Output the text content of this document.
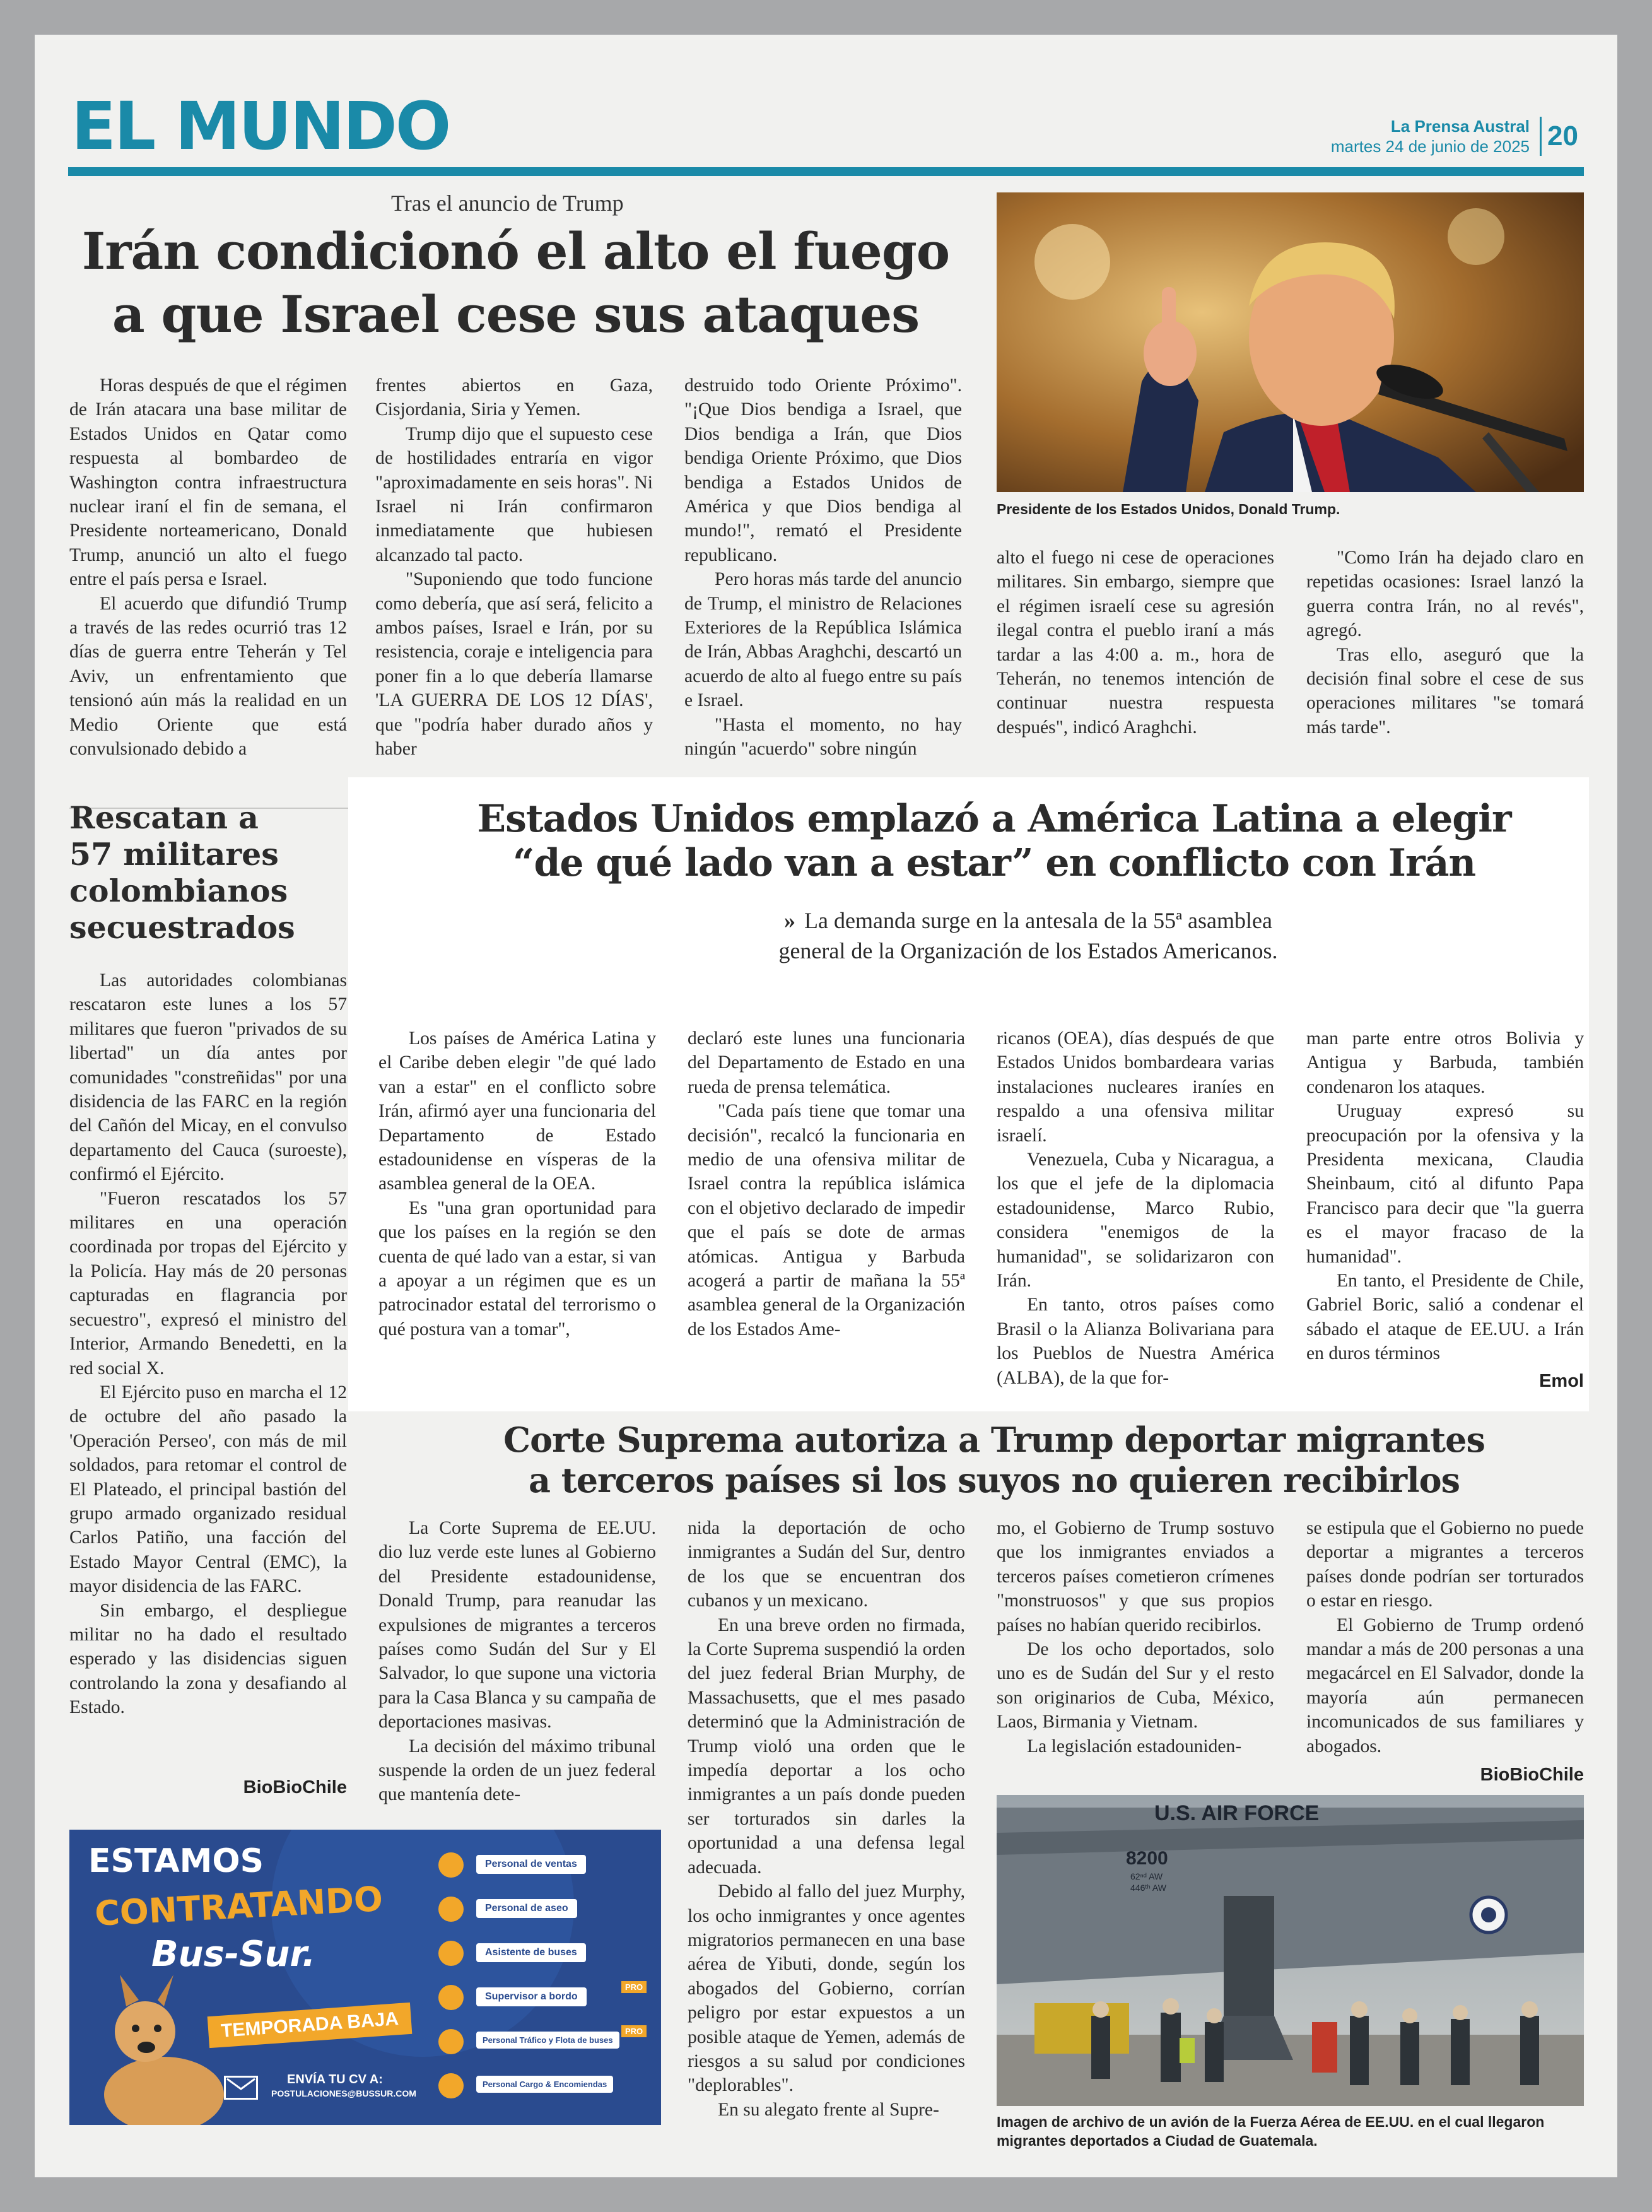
EL MUNDO	La Prensa Austral
martes 24 de junio de 2025 20
Tras el anuncio de Trump
Irán condicionó el alto el fuego
a que Israel cese sus ataques
Presidente de los Estados Unidos, Donald Trump.

Horas después de que el régimen de Irán atacara una base militar de Estados Unidos en Qatar como respuesta al bombardeo de Washington contra infraestructura nuclear iraní el fin de semana, el Presidente norteamericano, Donald Trump, anunció un alto el fuego entre el país persa e Israel.

El acuerdo que difundió Trump a través de las redes ocurrió tras 12 días de guerra entre Teherán y Tel Aviv, un enfrentamiento que tensionó aún más la realidad en un Medio Oriente que está convulsionado debido a

frentes abiertos en Gaza, Cisjordania, Siria y Yemen.

Trump dijo que el supuesto cese de hostilidades entraría en vigor "aproximadamente en seis horas". Ni Israel ni Irán confirmaron inmediatamente que hubiesen alcanzado tal pacto.

"Suponiendo que todo funcione como debería, que así será, felicito a ambos países, Israel e Irán, por su resistencia, coraje e inteligencia para poner fin a lo que debería llamarse 'LA GUERRA DE LOS 12 DÍAS', que "podría haber durado años y haber

destruido todo Oriente Próximo". "¡Que Dios bendiga a Israel, que Dios bendiga a Irán, que Dios bendiga Oriente Próximo, que Dios bendiga a Estados Unidos de América y que Dios bendiga al mundo!", remató el Presidente republicano.

Pero horas más tarde del anuncio de Trump, el ministro de Relaciones Exteriores de la República Islámica de Irán, Abbas Araghchi, descartó un acuerdo de alto al fuego entre su país e Israel.

"Hasta el momento, no hay ningún "acuerdo" sobre ningún

alto el fuego ni cese de operaciones militares. Sin embargo, siempre que el régimen israelí cese su agresión ilegal contra el pueblo iraní a más tardar a las 4:00 a. m., hora de Teherán, no tenemos intención de continuar nuestra respuesta después", indicó Araghchi.

"Como Irán ha dejado claro en repetidas ocasiones: Israel lanzó la guerra contra Irán, no al revés", agregó.

Tras ello, aseguró que la decisión final sobre el cese de sus operaciones militares "se tomará más tarde".

Rescatan a
57 militares
colombianos
secuestrados

Las autoridades colombianas rescataron este lunes a los 57 militares que fueron "privados de su libertad" un día antes por comunidades "constreñidas" por una disidencia de las FARC en la región del Cañón del Micay, en el convulso departamento del Cauca (suroeste), confirmó el Ejército.

"Fueron rescatados los 57 militares en una operación coordinada por tropas del Ejército y la Policía. Hay más de 20 personas capturadas en flagrancia por secuestro", expresó el ministro del Interior, Armando Benedetti, en la red social X.

El Ejército puso en marcha el 12 de octubre del año pasado la 'Operación Perseo', con más de mil soldados, para retomar el control de El Plateado, el principal bastión del grupo armado organizado residual Carlos Patiño, una facción del Estado Mayor Central (EMC), la mayor disidencia de las FARC.

Sin embargo, el despliegue militar no ha dado el resultado esperado y las disidencias siguen controlando la zona y desafiando al Estado.

BioBioChile
Estados Unidos emplazó a América Latina a elegir
“de qué lado van a estar” en conflicto con Irán
» La demanda surge en la antesala de la 55ª asamblea
general de la Organización de los Estados Americanos.

Los países de América Latina y el Caribe deben elegir "de qué lado van a estar" en el conflicto sobre Irán, afirmó ayer una funcionaria del Departamento de Estado estadounidense en vísperas de la asamblea general de la OEA.

Es "una gran oportunidad para que los países en la región se den cuenta de qué lado van a estar, si van a apoyar a un régimen que es un patrocinador estatal del terrorismo o qué postura van a tomar",

declaró este lunes una funcionaria del Departamento de Estado en una rueda de prensa telemática.

"Cada país tiene que tomar una decisión", recalcó la funcionaria en medio de una ofensiva militar de Israel contra la república islámica con el objetivo declarado de impedir que el país se dote de armas atómicas. Antigua y Barbuda acogerá a partir de mañana la 55ª asamblea general de la Organización de los Estados Ame-

ricanos (OEA), días después de que Estados Unidos bombardeara varias instalaciones nucleares iraníes en respaldo a una ofensiva militar israelí.

Venezuela, Cuba y Nicaragua, a los que el jefe de la diplomacia estadounidense, Marco Rubio, considera "enemigos de la humanidad", se solidarizaron con Irán.

En tanto, otros países como Brasil o la Alianza Bolivariana para los Pueblos de Nuestra América (ALBA), de la que for-

man parte entre otros Bolivia y Antigua y Barbuda, también condenaron los ataques.

Uruguay expresó su preocupación por la ofensiva y la Presidenta mexicana, Claudia Sheinbaum, citó al difunto Papa Francisco para decir que "la guerra es el mayor fracaso de la humanidad".

En tanto, el Presidente de Chile, Gabriel Boric, salió a condenar el sábado el ataque de EE.UU. a Irán en duros términos

Emol
Corte Suprema autoriza a Trump deportar migrantes
a terceros países si los suyos no quieren recibirlos

La Corte Suprema de EE.UU. dio luz verde este lunes al Gobierno del Presidente estadounidense, Donald Trump, para reanudar las expulsiones de migrantes a terceros países como Sudán del Sur y El Salvador, lo que supone una victoria para la Casa Blanca y su campaña de deportaciones masivas.

La decisión del máximo tribunal suspende la orden de un juez federal que mantenía dete-

nida la deportación de ocho inmigrantes a Sudán del Sur, dentro de los que se encuentran dos cubanos y un mexicano.

En una breve orden no firmada, la Corte Suprema suspendió la orden del juez federal Brian Murphy, de Massachusetts, que el mes pasado determinó que la Administración de Trump violó una orden que le impedía deportar a los ocho inmigrantes a un país donde pueden ser torturados sin darles la oportunidad a una defensa legal adecuada.

Debido al fallo del juez Murphy, los ocho inmigrantes y once agentes migratorios permanecen en una base aérea de Yibuti, donde, según los abogados del Gobierno, corrían peligro por estar expuestos a un posible ataque de Yemen, además de riesgos a su salud por condiciones "deplorables".

En su alegato frente al Supre-

mo, el Gobierno de Trump sostuvo que los inmigrantes enviados a terceros países cometieron crímenes "monstruosos" y que sus propios países no habían querido recibirlos.

De los ocho deportados, solo uno es de Sudán del Sur y el resto son originarios de Cuba, México, Laos, Birmania y Vietnam.

La legislación estadouniden-

se estipula que el Gobierno no puede deportar a migrantes a terceros países donde podrían ser torturados o estar en riesgo.

El Gobierno de Trump ordenó mandar a más de 200 personas a una megacárcel en El Salvador, donde la mayoría aún permanecen incomunicados de sus familiares y abogados.

BioBioChile
U.S. AIR FORCE
8200
62ⁿᵈ AW
446ᵗʰ AW
Imagen de archivo de un avión de la Fuerza Aérea de EE.UU. en el cual llegaron migrantes deportados a Ciudad de Guatemala.
ESTAMOS
CONTRATANDO
Bus-Sur.
TEMPORADA BAJA
ENVÍA TU CV A:
POSTULACIONES@BUSSUR.COM
Personal de ventas
Personal de aseo
Asistente de buses
Supervisor a bordo
PRO
Personal Tráfico y Flota de buses
PRO
Personal Cargo & Encomiendas
